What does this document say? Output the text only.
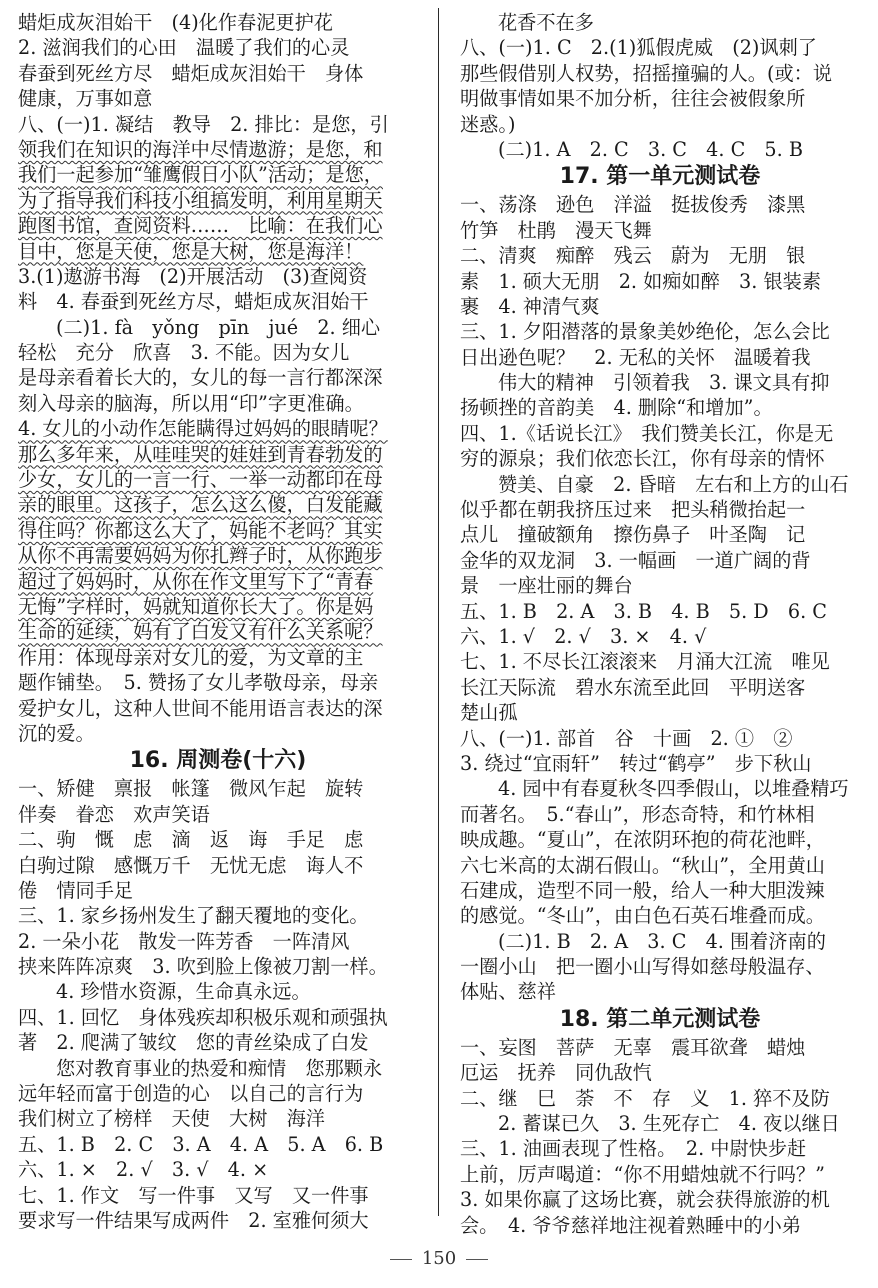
蜡炬成灰泪始干　(4)化作春泥更护花
2. 滋润我们的心田　温暖了我们的心灵
春蚕到死丝方尽　蜡炬成灰泪始干　身体
健康，万事如意
八、(一)1. 凝结　教导　2. 排比：是您，引
领我们在知识的海洋中尽情遨游；是您，和
我们一起参加“雏鹰假日小队”活动；是您，
为了指导我们科技小组搞发明，利用星期天
跑图书馆，查阅资料……　比喻：在我们心
目中，您是天使，您是大树，您是海洋！
3.(1)遨游书海　(2)开展活动　(3)查阅资
料　4. 春蚕到死丝方尽，蜡炬成灰泪始干
(二)1. fà　yǒng　pīn　jué　2. 细心
轻松　充分　欣喜　3. 不能。因为女儿
是母亲看着长大的，女儿的每一言行都深深
刻入母亲的脑海，所以用“印”字更准确。
4. 女儿的小动作怎能瞒得过妈妈的眼睛呢？
那么多年来，从哇哇哭的娃娃到青春勃发的
少女，女儿的一言一行、一举一动都印在母
亲的眼里。这孩子，怎么这么傻，白发能藏
得住吗？你都这么大了，妈能不老吗？其实
从你不再需要妈妈为你扎辫子时，从你跑步
超过了妈妈时，从你在作文里写下了“青春
无悔”字样时，妈就知道你长大了。你是妈
生命的延续，妈有了白发又有什么关系呢？
作用：体现母亲对女儿的爱，为文章的主
题作铺垫。　5. 赞扬了女儿孝敬母亲，母亲
爱护女儿，这种人世间不能用语言表达的深
沉的爱。
16. 周测卷(十六)
一、矫健　禀报　帐篷　微风乍起　旋转
伴奏　眷恋　欢声笑语
二、驹　慨　虑　滴　返　诲　手足　虑
白驹过隙　感慨万千　无忧无虑　诲人不
倦　情同手足
三、1. 家乡扬州发生了翻天覆地的变化。
2. 一朵小花　散发一阵芳香　一阵清风
挟来阵阵凉爽　3. 吹到脸上像被刀割一样。
4. 珍惜水资源，生命真永远。
四、1. 回忆　身体残疾却积极乐观和顽强执
著　2. 爬满了皱纹　您的青丝染成了白发
您对教育事业的热爱和痴情　您那颗永
远年轻而富于创造的心　以自己的言行为
我们树立了榜样　天使　大树　海洋
五、1. B　2. C　3. A　4. A　5. A　6. B
六、1. ×　2. √　3. √　4. ×
七、1. 作文　写一件事　又写　又一件事
要求写一件结果写成两件　2. 室雅何须大
花香不在多
八、(一)1. C　2.(1)狐假虎威　(2)讽刺了
那些假借别人权势，招摇撞骗的人。(或：说
明做事情如果不加分析，往往会被假象所
迷惑。)
(二)1. A　2. C　3. C　4. C　5. B
17. 第一单元测试卷
一、荡涤　逊色　洋溢　挺拔俊秀　漆黑
竹笋　杜鹃　漫天飞舞
二、清爽　痴醉　残云　蔚为　无朋　银
素　1. 硕大无朋　2. 如痴如醉　3. 银装素
裹　4. 神清气爽
三、1. 夕阳潜落的景象美妙绝伦，怎么会比
日出逊色呢？　2. 无私的关怀　温暖着我
伟大的精神　引领着我　3. 课文具有抑
扬顿挫的音韵美　4. 删除“和增加”。
四、1.《话说长江》　我们赞美长江，你是无
穷的源泉；我们依恋长江，你有母亲的情怀
赞美、自豪　2. 昏暗　左右和上方的山石
似乎都在朝我挤压过来　把头稍微抬起一
点儿　撞破额角　擦伤鼻子　叶圣陶　记
金华的双龙洞　3. 一幅画　一道广阔的背
景　一座壮丽的舞台
五、1. B　2. A　3. B　4. B　5. D　6. C
六、1. √　2. √　3. ×　4. √
七、1. 不尽长江滚滚来　月涌大江流　唯见
长江天际流　碧水东流至此回　平明送客
楚山孤
八、(一)1. 部首　谷　十画　2. ①　②
3. 绕过“宜雨轩”　转过“鹤亭”　步下秋山
4. 园中有春夏秋冬四季假山，以堆叠精巧
而著名。　5.“春山”，形态奇特，和竹林相
映成趣。“夏山”，在浓阴环抱的荷花池畔，
六七米高的太湖石假山。“秋山”，全用黄山
石建成，造型不同一般，给人一种大胆泼辣
的感觉。“冬山”，由白色石英石堆叠而成。
(二)1. B　2. A　3. C　4. 围着济南的
一圈小山　把一圈小山写得如慈母般温存、
体贴、慈祥
18. 第二单元测试卷
一、妄图　菩萨　无辜　震耳欲聋　蜡烛
厄运　抚养　同仇敌忾
二、继　巳　荼　不　存　义　1. 猝不及防
2. 蓄谋已久　3. 生死存亡　4. 夜以继日
三、1. 油画表现了性格。　2. 中尉快步赶
上前，厉声喝道：“你不用蜡烛就不行吗？”
3. 如果你赢了这场比赛，就会获得旅游的机
会。　4. 爷爷慈祥地注视着熟睡中的小弟
150
